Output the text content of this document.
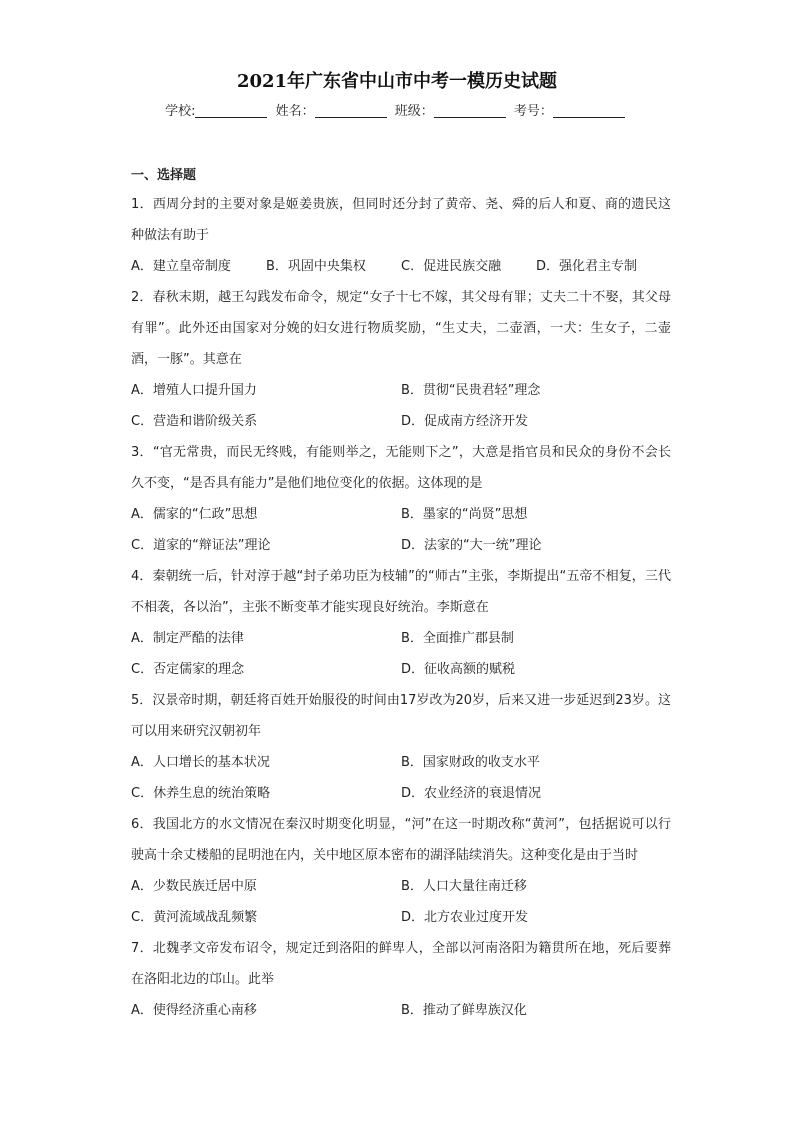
2021年广东省中山市中考一模历史试题
学校:	姓名：	班级：	考号：
一、选择题
1．西周分封的主要对象是姬姜贵族，但同时还分封了黄帝、尧、舜的后人和夏、商的遗民这种做法有助于
A．建立皇帝制度	B．巩固中央集权	C．促进民族交融	D．强化君主专制
2．春秋末期，越王勾践发布命令，规定“女子十七不嫁，其父母有罪；丈夫二十不娶，其父母有罪”。此外还由国家对分娩的妇女进行物质奖励，“生丈夫，二壶酒，一犬：生女子，二壶酒，一豚”。其意在
A．增殖人口提升国力	B．贯彻“民贵君轻”理念
C．营造和谐阶级关系	D．促成南方经济开发
3．“官无常贵，而民无终贱，有能则举之，无能则下之”，大意是指官员和民众的身份不会长久不变，“是否具有能力”是他们地位变化的依据。这体现的是
A．儒家的“仁政”思想	B．墨家的“尚贤”思想
C．道家的“辩证法”理论	D．法家的“大一统”理论
4．秦朝统一后，针对淳于越“封子弟功臣为枝辅”的“师古”主张，李斯提出“五帝不相复，三代不相袭，各以治”，主张不断变革才能实现良好统治。李斯意在
A．制定严酷的法律	B．全面推广郡县制
C．否定儒家的理念	D．征收高额的赋税
5．汉景帝时期，朝廷将百姓开始服役的时间由17岁改为20岁，后来又进一步延迟到23岁。这可以用来研究汉朝初年
A．人口增长的基本状况	B．国家财政的收支水平
C．休养生息的统治策略	D．农业经济的衰退情况
6．我国北方的水文情况在秦汉时期变化明显，“河”在这一时期改称“黄河”，包括据说可以行驶高十余丈楼船的昆明池在内，关中地区原本密布的湖泽陆续消失。这种变化是由于当时
A．少数民族迁居中原	B．人口大量往南迁移
C．黄河流域战乱频繁	D．北方农业过度开发
7．北魏孝文帝发布诏令，规定迁到洛阳的鲜卑人，全部以河南洛阳为籍贯所在地，死后要葬在洛阳北边的邙山。此举
A．使得经济重心南移	B．推动了鲜卑族汉化
